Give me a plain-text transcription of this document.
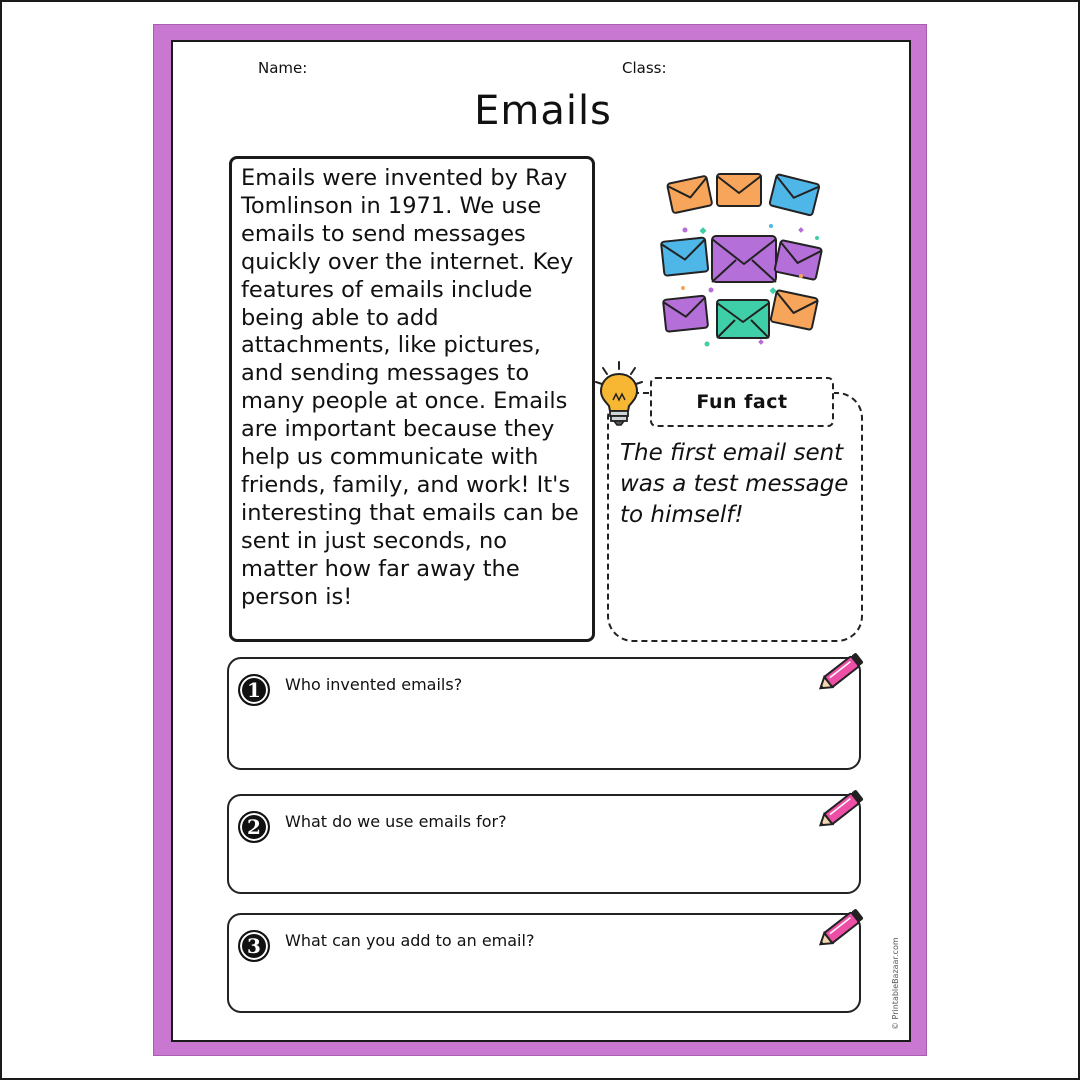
Name:	Class:
Emails
Emails were invented by Ray Tomlinson in 1971. We use emails to send messages quickly over the internet. Key features of emails include being able to add attachments, like pictures, and sending messages to many people at once. Emails are important because they help us communicate with friends, family, and work! It's interesting that emails can be sent in just seconds, no matter how far away the person is!
Fun fact
The first email sent was a test message to himself!
1	Who invented emails?
2	What do we use emails for?
3	What can you add to an email?	© PrintableBazaar.com
